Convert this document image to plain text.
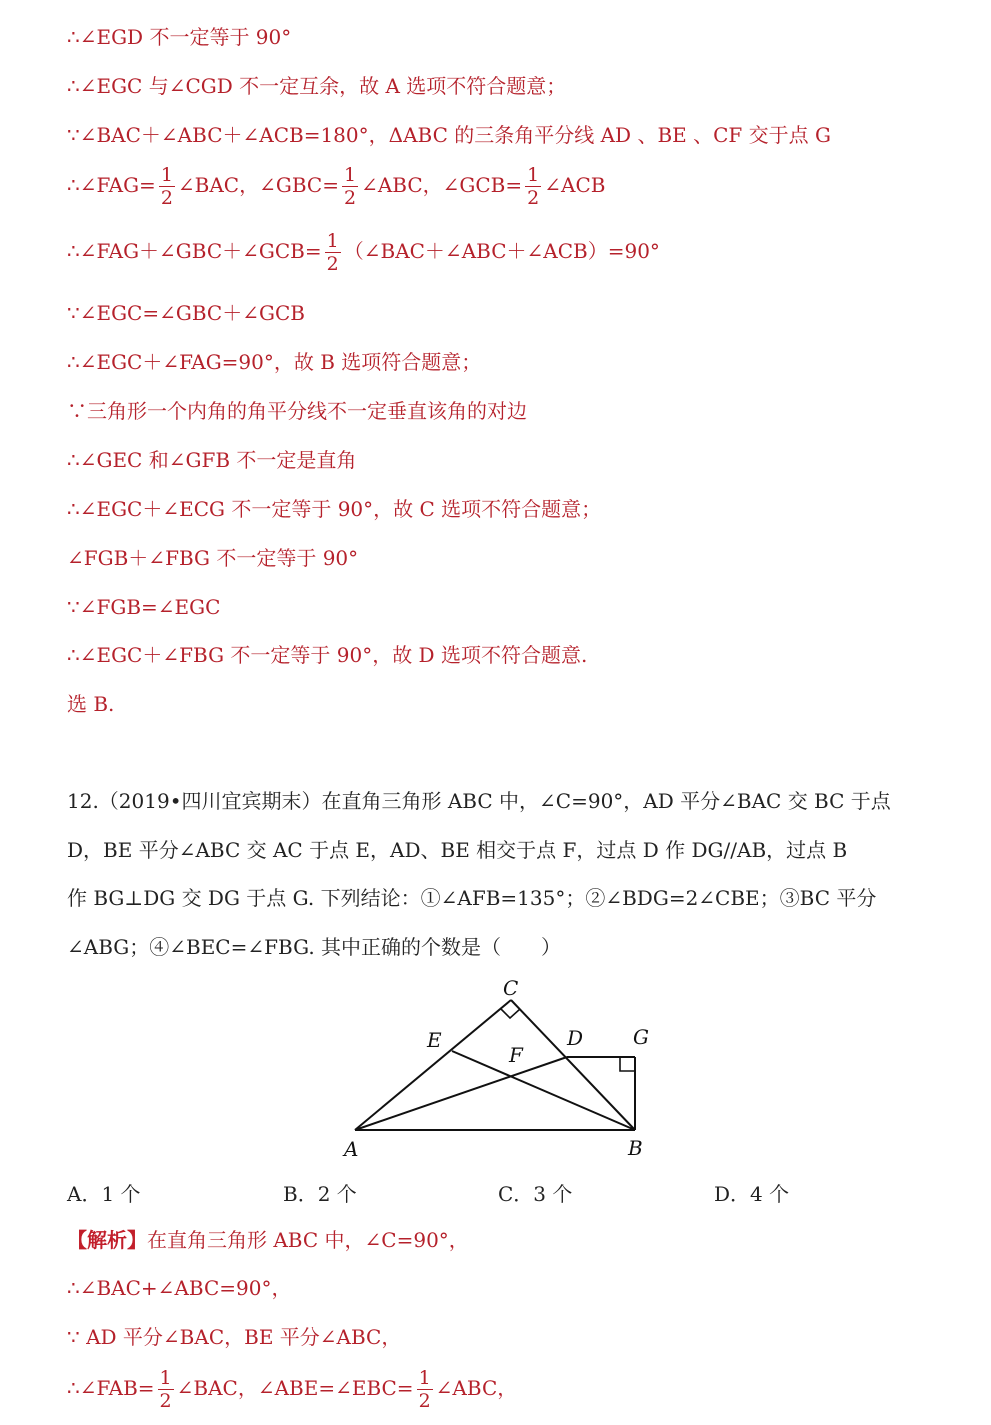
∴∠EGD 不一定等于 90°
∴∠EGC 与∠CGD 不一定互余，故 A 选项不符合题意；
∵∠BAC＋∠ABC＋∠ACB=180°，ΔABC 的三条角平分线 AD 、BE 、CF 交于点 G
∴∠FAG= $\frac{1}{2}$ ∠BAC，∠GBC= $\frac{1}{2}$ ∠ABC，∠GCB= $\frac{1}{2}$ ∠ACB
∴∠FAG＋∠GBC＋∠GCB= $\frac{1}{2}$ （∠BAC＋∠ABC＋∠ACB）=90°
∵∠EGC=∠GBC＋∠GCB
∴∠EGC＋∠FAG=90°，故 B 选项符合题意；
∵三角形一个内角的角平分线不一定垂直该角的对边
∴∠GEC 和∠GFB 不一定是直角
∴∠EGC＋∠ECG 不一定等于 90°，故 C 选项不符合题意；
∠FGB＋∠FBG 不一定等于 90°
∵∠FGB=∠EGC
∴∠EGC＋∠FBG 不一定等于 90°，故 D 选项不符合题意.
选 B.
12.（2019•四川宜宾期末）在直角三角形 ABC 中，∠C=90°，AD 平分∠BAC 交 BC 于点
D，BE 平分∠ABC 交 AC 于点 E，AD、BE 相交于点 F，过点 D 作 DG//AB，过点 B
作 BG⊥DG 交 DG 于点 G. 下列结论：①∠AFB=135°；②∠BDG=2∠CBE；③BC 平分
∠ABG；④∠BEC=∠FBG. 其中正确的个数是（　　）
C
E	D G
F
A	B
A．1 个	B．2 个	C．3 个	D．4 个
【解析】在直角三角形 ABC 中，∠C=90°，
∴∠BAC+∠ABC=90°，
∵ AD 平分∠BAC，BE 平分∠ABC，
∴∠FAB= $\frac{1}{2}$ ∠BAC，∠ABE=∠EBC= $\frac{1}{2}$ ∠ABC，
